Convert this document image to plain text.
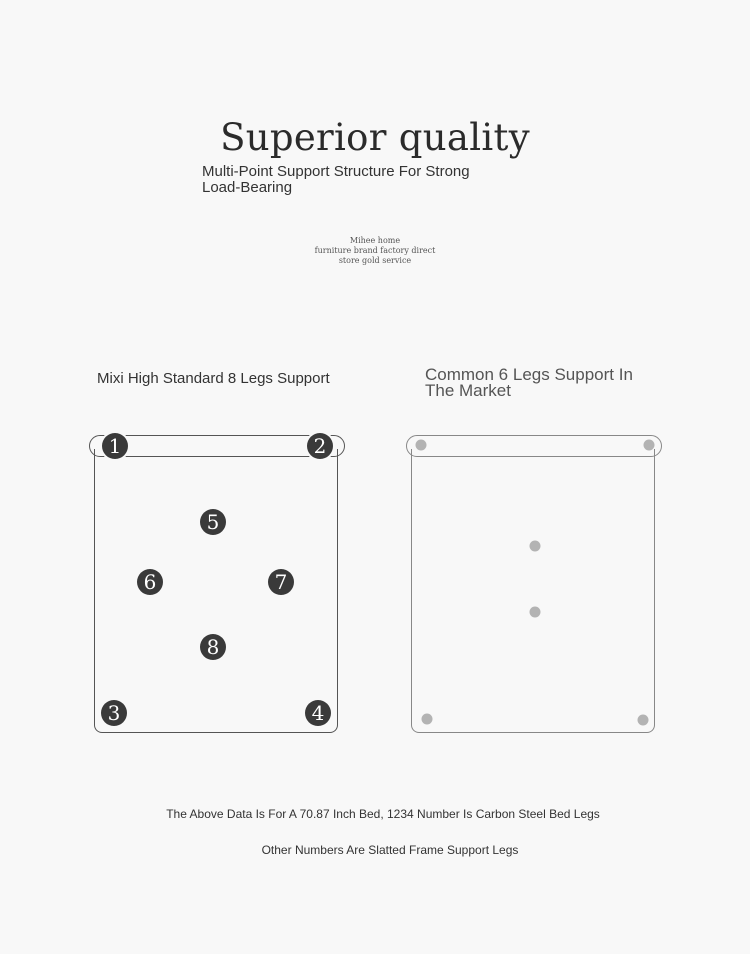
Superior quality
Multi-Point Support Structure For Strong Load-Bearing
Mihee home
furniture brand factory direct
store gold service
Mixi High Standard 8 Legs Support	Common 6 Legs Support In The Market
1	2
3	4
5
6	7
8
The Above Data Is For A 70.87 Inch Bed, 1234 Number Is Carbon Steel Bed Legs
Other Numbers Are Slatted Frame Support Legs
